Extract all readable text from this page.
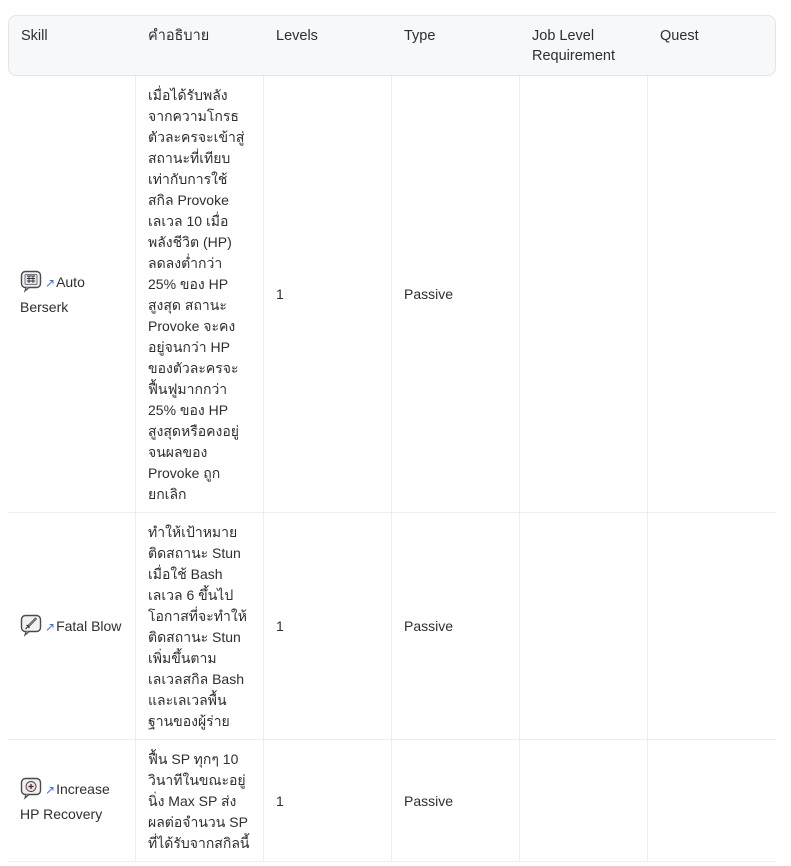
Skill	คำอธิบาย	Levels	Type	Job Level Requirement	Quest
↗Auto Berserk	เมื่อได้รับพลังจากความโกรธ ตัวละครจะเข้าสู่สถานะที่เทียบเท่ากับการใช้สกิล Provoke เลเวล 10 เมื่อพลังชีวิต (HP) ลดลงต่ำกว่า 25% ของ HP สูงสุด สถานะ Provoke จะคงอยู่จนกว่า HP ของตัวละครจะฟื้นฟูมากกว่า 25% ของ HP สูงสุดหรือคงอยู่จนผลของ Provoke ถูกยกเลิก	1	Passive		
↗Fatal Blow	ทำให้เป้าหมายติดสถานะ Stun เมื่อใช้ Bash เลเวล 6 ขึ้นไป โอกาสที่จะทำให้ติดสถานะ Stun เพิ่มขึ้นตามเลเวลสกิล Bash และเลเวลพื้นฐานของผู้ร่าย	1	Passive		
↗Increase HP Recovery	ฟื้น SP ทุกๆ 10 วินาทีในขณะอยู่นิ่ง Max SP ส่งผลต่อจำนวน SP ที่ได้รับจากสกิลนี้	1	Passive		
